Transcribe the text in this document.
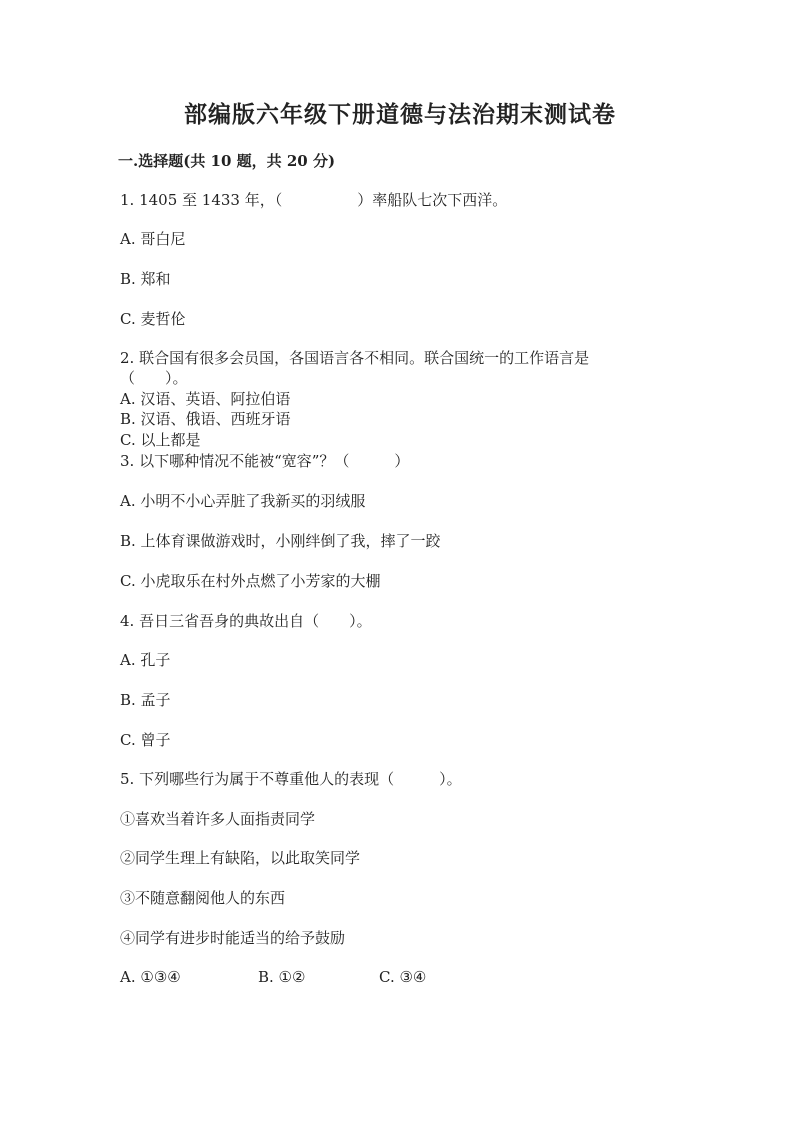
部编版六年级下册道德与法治期末测试卷
一.选择题(共 10 题，共 20 分)
1. 1405 至 1433 年，（　　　　　）率船队七次下西洋。
A. 哥白尼
B. 郑和
C. 麦哲伦
2. 联合国有很多会员国，各国语言各不相同。联合国统一的工作语言是
（　　）。
A. 汉语、英语、阿拉伯语
B. 汉语、俄语、西班牙语
C. 以上都是
3. 以下哪种情况不能被“宽容”？（　　　）
A. 小明不小心弄脏了我新买的羽绒服
B. 上体育课做游戏时，小刚绊倒了我，摔了一跤
C. 小虎取乐在村外点燃了小芳家的大棚
4. 吾日三省吾身的典故出自（　　）。
A. 孔子
B. 孟子
C. 曾子
5. 下列哪些行为属于不尊重他人的表现（　　　）。
①喜欢当着许多人面指责同学
②同学生理上有缺陷，以此取笑同学
③不随意翻阅他人的东西
④同学有进步时能适当的给予鼓励
A. ①③④	B. ①②	C. ③④
